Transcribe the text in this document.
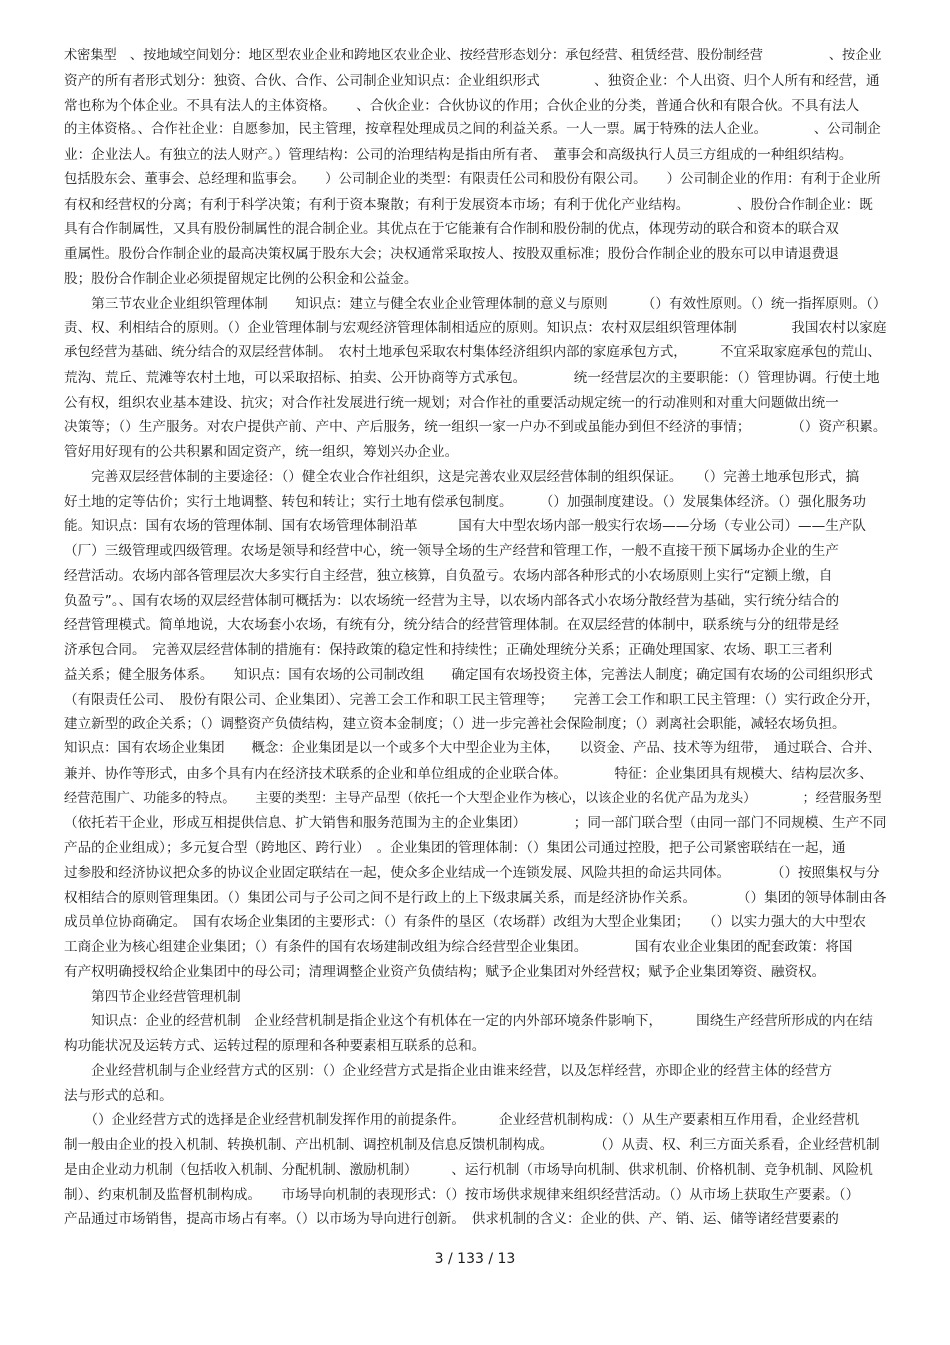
术密集型　、按地域空间划分：地区型农业企业和跨地区农业企业、按经营形态划分：承包经营、租赁经营、股份制经营　　　　　、按企业
资产的所有者形式划分：独资、合伙、合作、公司制企业知识点：企业组织形式　　　　、独资企业：个人出资、归个人所有和经营，通
常也称为个体企业。不具有法人的主体资格。　　、合伙企业：合伙协议的作用；合伙企业的分类，普通合伙和有限合伙。不具有法人
的主体资格。、合作社企业：自愿参加，民主管理，按章程处理成员之间的利益关系。一人一票。属于特殊的法人企业。　　　　、公司制企
业：企业法人。有独立的法人财产。）管理结构：公司的治理结构是指由所有者、　董事会和高级执行人员三方组成的一种组织结构。
包括股东会、董事会、总经理和监事会。　　）公司制企业的类型：有限责任公司和股份有限公司。　　）公司制企业的作用：有利于企业所
有权和经营权的分离；有利于科学决策；有利于资本聚散；有利于发展资本市场；有利于优化产业结构。　　　　、股份合作制企业：既
具有合作制属性，又具有股份制属性的混合制企业。其优点在于它能兼有合作制和股份制的优点，体现劳动的联合和资本的联合双
重属性。股份合作制企业的最高决策权属于股东大会；决权通常采取按人、按股双重标准；股份合作制企业的股东可以申请退费退
股；股份合作制企业必须提留规定比例的公积金和公益金。
　　第三节农业企业组织管理体制　　知识点：建立与健全农业企业管理体制的意义与原则　　　（）有效性原则。（）统一指挥原则。（）
责、权、利相结合的原则。（）企业管理体制与宏观经济管理体制相适应的原则。知识点：农村双层组织管理体制　　　　我国农村以家庭
承包经营为基础、统分结合的双层经营体制。　农村土地承包采取农村集体经济组织内部的家庭承包方式，　　　不宜采取家庭承包的荒山、
荒沟、荒丘、荒滩等农村土地，可以采取招标、拍卖、公开协商等方式承包。　　　　统一经营层次的主要职能：（）管理协调。行使土地
公有权，组织农业基本建设、抗灾；对合作社发展进行统一规划；对合作社的重要活动规定统一的行动准则和对重大问题做出统一
决策等；（）生产服务。对农户提供产前、产中、产后服务，统一组织一家一户办不到或虽能办到但不经济的事情；　　　　（）资产积累。
管好用好现有的公共积累和固定资产，统一组织，筹划兴办企业。
　　完善双层经营体制的主要途径：（）健全农业合作社组织，这是完善农业双层经营体制的组织保证。　　（）完善土地承包形式，搞
好土地的定等估价；实行土地调整、转包和转让；实行土地有偿承包制度。　　　（）加强制度建设。（）发展集体经济。（）强化服务功
能。知识点：国有农场的管理体制、国有农场管理体制沿革　　　国有大中型农场内部一般实行农场——分场（专业公司）——生产队
（厂）三级管理或四级管理。农场是领导和经营中心，统一领导全场的生产经营和管理工作，一般不直接干预下属场办企业的生产
经营活动。农场内部各管理层次大多实行自主经营，独立核算，自负盈亏。农场内部各种形式的小农场原则上实行“定额上缴，自
负盈亏”。、国有农场的双层经营体制可概括为：以农场统一经营为主导，以农场内部各式小农场分散经营为基础，实行统分结合的
经营管理模式。简单地说，大农场套小农场，有统有分，统分结合的经营管理体制。在双层经营的体制中，联系统与分的纽带是经
济承包合同。　完善双层经营体制的措施有：保持政策的稳定性和持续性；正确处理统分关系；正确处理国家、农场、职工三者利
益关系；健全服务体系。　　知识点：国有农场的公司制改组　　确定国有农场投资主体，完善法人制度；确定国有农场的公司组织形式
（有限责任公司、　股份有限公司、企业集团）、完善工会工作和职工民主管理等；　　完善工会工作和职工民主管理：（）实行政企分开，
建立新型的政企关系；（）调整资产负债结构，建立资本金制度；（）进一步完善社会保险制度；（）剥离社会职能，减轻农场负担。
知识点：国有农场企业集团　　概念：企业集团是以一个或多个大中型企业为主体，　　以资金、产品、技术等为纽带，　通过联合、合并、
兼并、协作等形式，由多个具有内在经济技术联系的企业和单位组成的企业联合体。　　　　特征：企业集团具有规模大、结构层次多、
经营范围广、功能多的特点。　　主要的类型：主导产品型（依托一个大型企业作为核心，以该企业的名优产品为龙头）　　　　；经营服务型
（依托若干企业，形成互相提供信息、扩大销售和服务范围为主的企业集团）　　　　；同一部门联合型（由同一部门不同规模、生产不同
产品的企业组成）；多元复合型（跨地区、跨行业）　。企业集团的管理体制：（）集团公司通过控股，把子公司紧密联结在一起，通
过参股和经济协议把众多的协议企业固定联结在一起，使众多企业结成一个连锁发展、风险共担的命运共同体。　　　　（）按照集权与分
权相结合的原则管理集团。（）集团公司与子公司之间不是行政上的上下级隶属关系，而是经济协作关系。　　　　（）集团的领导体制由各
成员单位协商确定。　国有农场企业集团的主要形式：（）有条件的垦区（农场群）改组为大型企业集团；　　（）以实力强大的大中型农
工商企业为核心组建企业集团；（）有条件的国有农场建制改组为综合经营型企业集团。　　　　国有农业企业集团的配套政策：将国
有产权明确授权给企业集团中的母公司；清理调整企业资产负债结构；赋予企业集团对外经营权；赋予企业集团筹资、融资权。
　　第四节企业经营管理机制
　　知识点：企业的经营机制　企业经营机制是指企业这个有机体在一定的内外部环境条件影响下，　　　围绕生产经营所形成的内在结
构功能状况及运转方式、运转过程的原理和各种要素相互联系的总和。
　　企业经营机制与企业经营方式的区别：（）企业经营方式是指企业由谁来经营，以及怎样经营，亦即企业的经营主体的经营方
法与形式的总和。
　　（）企业经营方式的选择是企业经营机制发挥作用的前提条件。　　　企业经营机制构成：（）从生产要素相互作用看，企业经营机
制一般由企业的投入机制、转换机制、产出机制、调控机制及信息反馈机制构成。　　　　（）从责、权、利三方面关系看，企业经营机制
是由企业动力机制（包括收入机制、分配机制、激励机制）　　　、运行机制（市场导向机制、供求机制、价格机制、竞争机制、风险机
制）、约束机制及监督机制构成。　　市场导向机制的表现形式：（）按市场供求规律来组织经营活动。（）从市场上获取生产要素。（）
产品通过市场销售，提高市场占有率。（）以市场为导向进行创新。　供求机制的含义：企业的供、产、销、运、储等诸经营要素的
3 / 133 / 13
